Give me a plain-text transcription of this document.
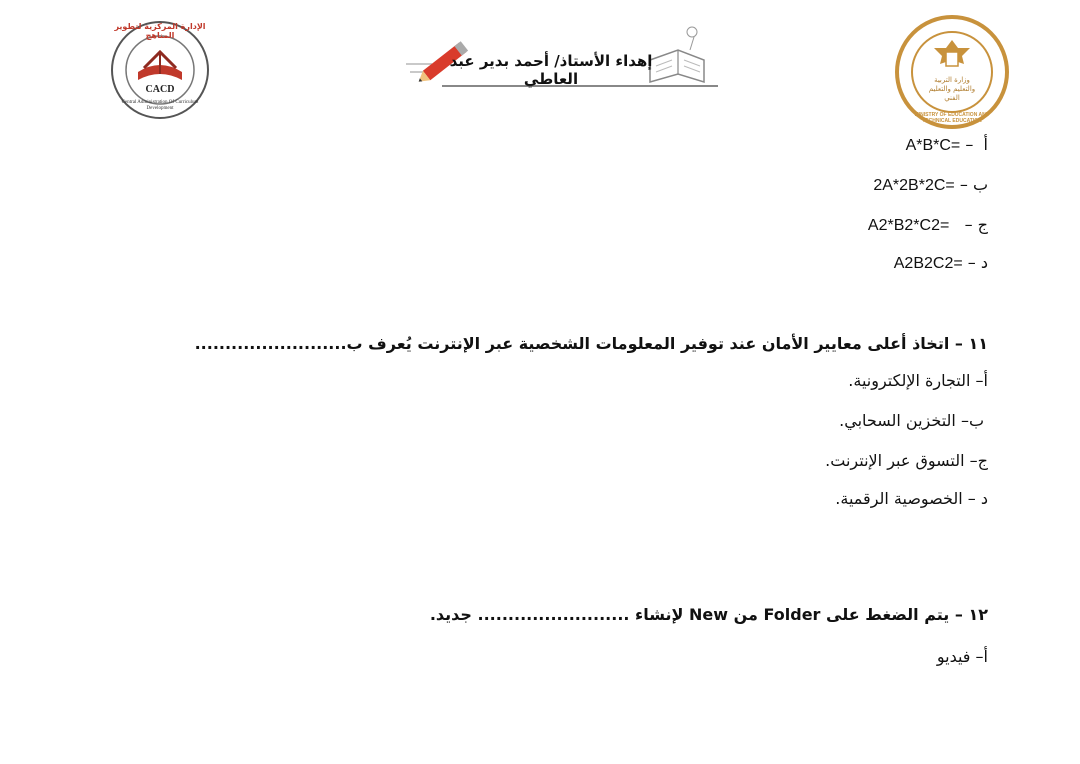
الإدارة المركزية لتطوير المناهج
CACD
Central Administration Of Curriculum Development
إهداء الأستاذ/ أحمد بدير عبد العاطي
MINISTRY OF EDUCATION AND TECHNICAL EDUCATION
وزارة التربية والتعليم والتعليم الفني
أ  – A*B*C=
ب – 2A*2B*2C=
ج –   A2*B2*C2=
د – A2B2C2=
١١ – اتخاذ أعلى معايير الأمان عند توفير المعلومات الشخصية عبر الإنترنت يُعرف ب.........................
أ– التجارة الإلكترونية.
ب– التخزين السحابي.
ج– التسوق عبر الإنترنت.
د – الخصوصية الرقمية.
١٢ – يتم الضغط على Folder من New لإنشاء ......................... جديد.
أ– فيديو
